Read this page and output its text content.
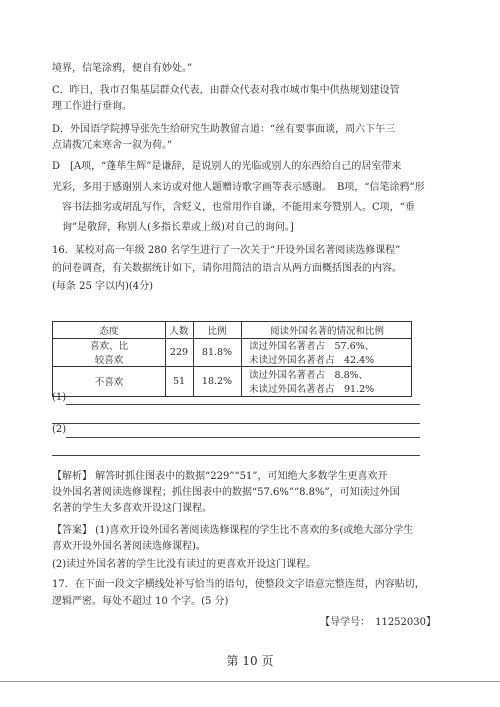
境界，信笔涂鸦，便自有妙处。”
C．昨日，我市召集基层群众代表，由群众代表对我市城市集中供热规划建设管
理工作进行垂询。
D．外国语学院搏导张先生给研究生助教留言道：“丝有要事面谈，周六下午三
点请拨冗来寒舍一叙为荷。”
D　[A项，“蓬荜生辉”是谦辞，是说别人的光临或别人的东西给自己的居室带来
光彩，多用于感谢别人来访或对他人题赠诗歌字画等表示感谢。　B项，“信笔涂鸦”形
容书法拙劣或胡乱写作，含贬义，也常用作自谦，不能用来夸赞别人。C项，“垂
询”是敬辞，称别人(多指长辈或上级)对自己的询问。]
16．某校对高一年级 280 名学生进行了一次关于“开设外国名著阅读选修课程”
的问卷调查，有关数据统计如下，请你用简洁的语言从两方面概括图表的内容。
(每条 25 字以内)(4分)
态度	人数	比例	阅读外国名著的情况和比例
喜欢、比
较喜欢
229	81.8%	读过外国名著者占　57.6%、
未读过外国名著者占　42.4%
不喜欢	51	18.2%	读过外国名著者占　8.8%、
未读过外国名著者占　91.2%
(1)
(2)
【解析】 解答时抓住图表中的数据“229”“51”，可知绝大多数学生更喜欢开
设外国名著阅读选修课程；抓住图表中的数据“57.6%”“8.8%”，可知读过外国
名著的学生大多喜欢开设这门课程。
【答案】 (1)喜欢开设外国名著阅读选修课程的学生比不喜欢的多(或绝大部分学生
喜欢开设外国名著阅读选修课程)。
(2)读过外国名著的学生比没有读过的更喜欢开设这门课程。
17．在下面一段文字横线处补写恰当的语句，使整段文字语意完整连贯，内容贴切，
逻辑严密。每处不超过 10 个字。(5 分)
【导学号：　11252030】
第 10 页
